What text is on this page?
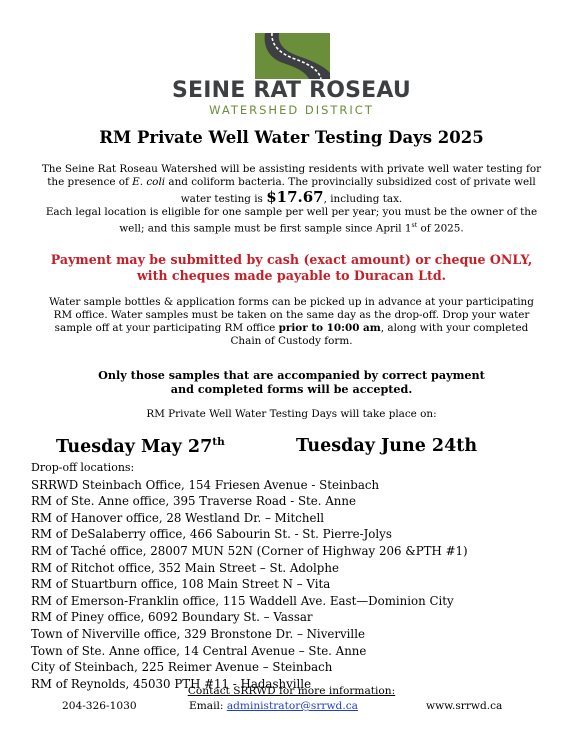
SEINE RAT ROSEAU
WATERSHED DISTRICT
RM Private Well Water Testing Days 2025
The Seine Rat Roseau Watershed will be assisting residents with private well water testing for
the presence of E. coli and coliform bacteria. The provincially subsidized cost of private well
water testing is $17.67, including tax.
Each legal location is eligible for one sample per well per year; you must be the owner of the
well; and this sample must be first sample since April 1st of 2025.
Payment may be submitted by cash (exact amount) or cheque ONLY,
with cheques made payable to Duracan Ltd.
Water sample bottles & application forms can be picked up in advance at your participating
RM office. Water samples must be taken on the same day as the drop-off. Drop your water
sample off at your participating RM office prior to 10:00 am, along with your completed
Chain of Custody form.
Only those samples that are accompanied by correct payment
and completed forms will be accepted.
RM Private Well Water Testing Days will take place on:
Tuesday May 27th	Tuesday June 24th
Drop-off locations:
SRRWD Steinbach Office, 154 Friesen Avenue - Steinbach
RM of Ste. Anne office, 395 Traverse Road - Ste. Anne
RM of Hanover office, 28 Westland Dr. – Mitchell
RM of DeSalaberry office, 466 Sabourin St. - St. Pierre-Jolys
RM of Taché office, 28007 MUN 52N (Corner of Highway 206 &PTH #1)
RM of Ritchot office, 352 Main Street – St. Adolphe
RM of Stuartburn office, 108 Main Street N – Vita
RM of Emerson-Franklin office, 115 Waddell Ave. East—Dominion City
RM of Piney office, 6092 Boundary St. – Vassar
Town of Niverville office, 329 Bronstone Dr. – Niverville
Town of Ste. Anne office, 14 Central Avenue – Ste. Anne
City of Steinbach, 225 Reimer Avenue – Steinbach
RM of Reynolds, 45030 PTH #11 - Hadashville
Contact SRRWD for more information:
204-326-1030	Email: administrator@srrwd.ca	www.srrwd.ca
